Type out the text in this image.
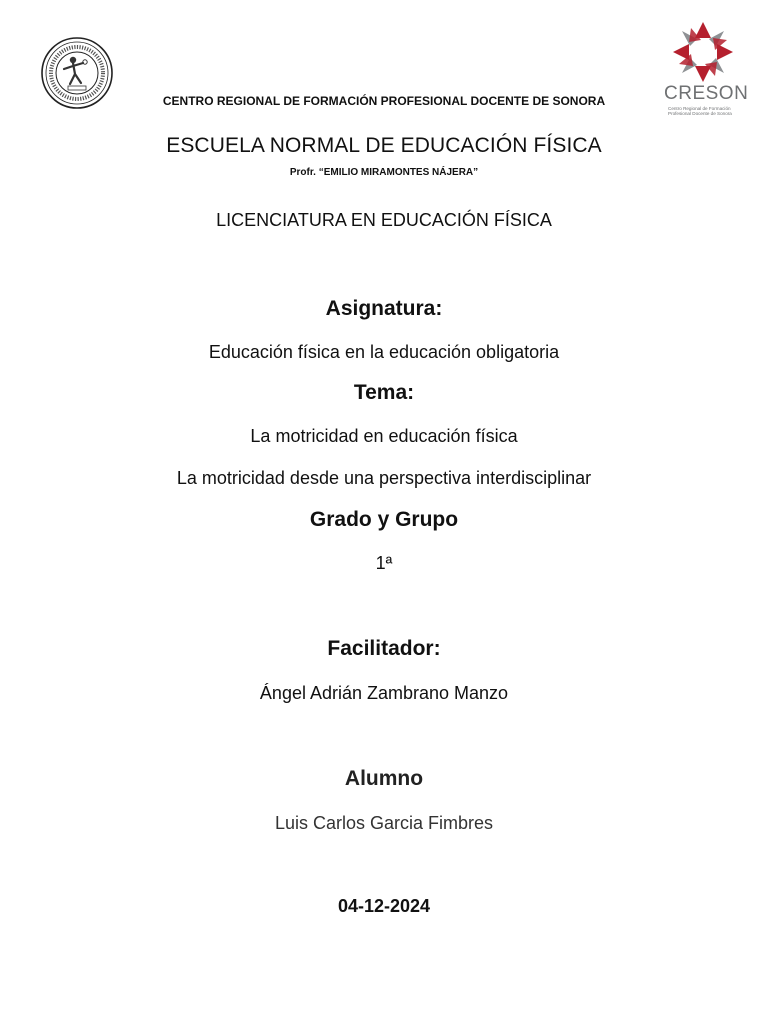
CRESON
Centro Regional de Formación Profesional Docente de Sonora
CENTRO REGIONAL DE FORMACIÓN PROFESIONAL DOCENTE DE SONORA
ESCUELA NORMAL DE EDUCACIÓN FÍSICA
Profr. “EMILIO MIRAMONTES NÁJERA”
LICENCIATURA EN EDUCACIÓN FÍSICA
Asignatura:
Educación física en la educación obligatoria
Tema:
La motricidad en educación física
La motricidad desde una perspectiva interdisciplinar
Grado y Grupo
1ª
Facilitador:
Ángel Adrián Zambrano Manzo
Alumno
Luis Carlos Garcia Fimbres
04-12-2024
